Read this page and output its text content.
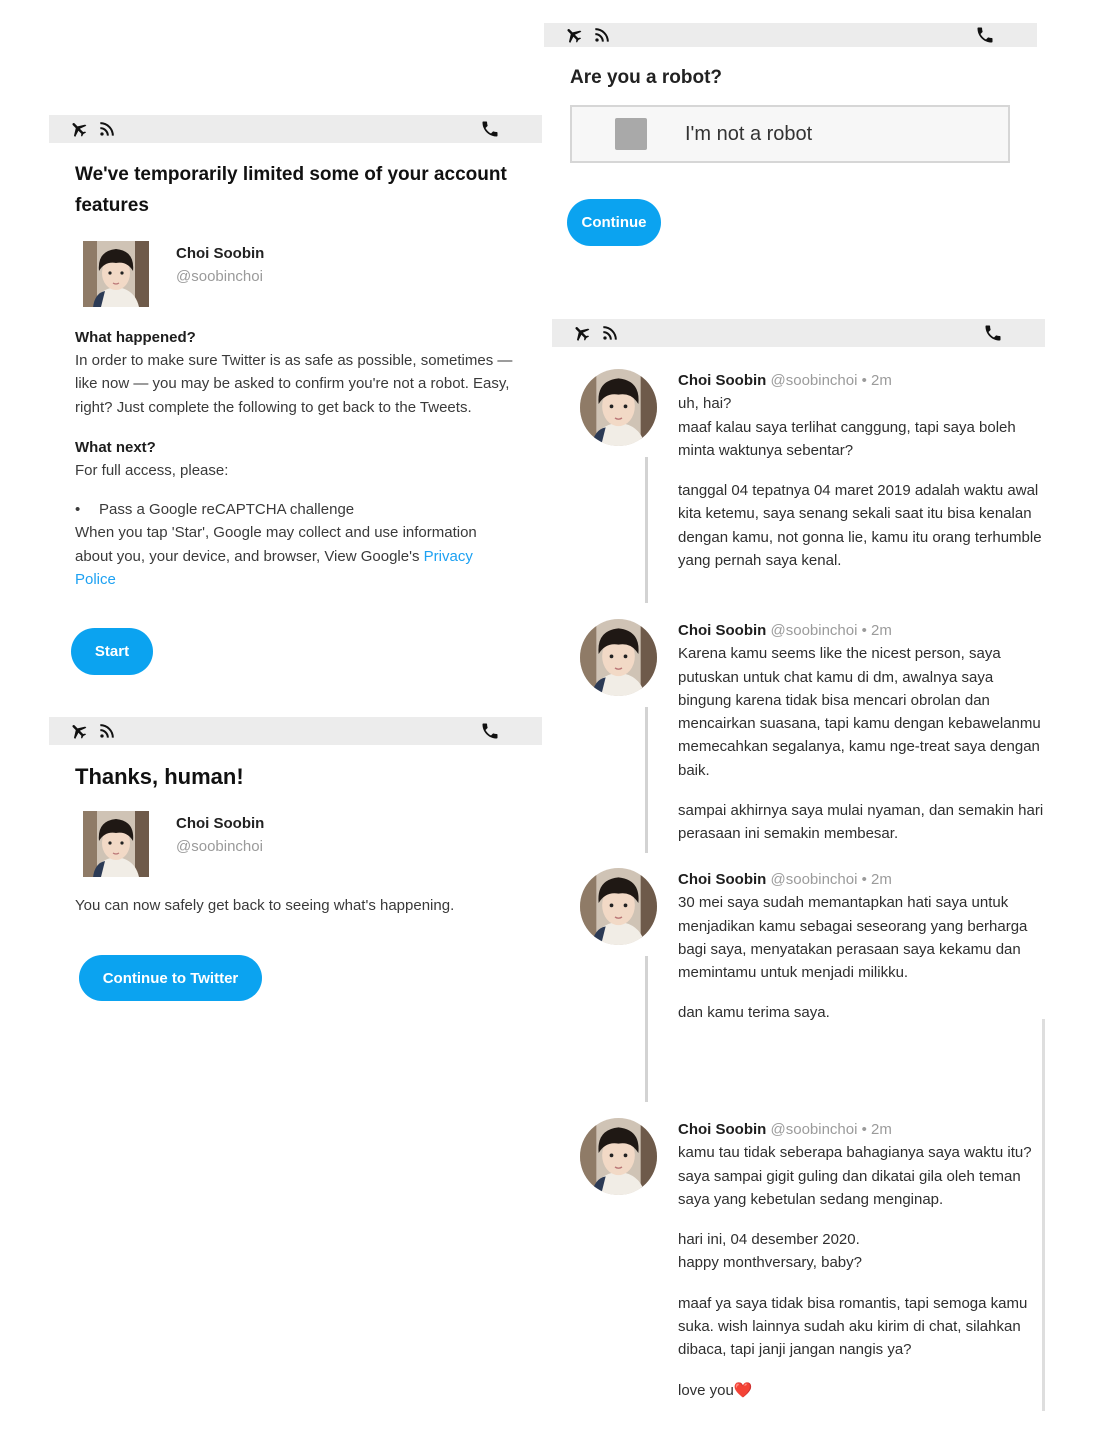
We've temporarily limited some of your account features
Choi Soobin
@soobinchoi
What happened?
In order to make sure Twitter is as safe as possible, sometimes — like now — you may be asked to confirm you're not a robot. Easy, right? Just complete the following to get back to the Tweets.
What next?
For full access, please:
•	Pass a Google reCAPTCHA challenge
When you tap 'Star', Google may collect and use information about you, your device, and browser, View Google's Privacy Police
Start
Thanks, human!
Choi Soobin
@soobinchoi
You can now safely get back to seeing what's happening.
Continue to Twitter
Are you a robot?
I'm not a robot
Continue
Choi Soobin @soobinchoi • 2m
uh, hai?
maaf kalau saya terlihat canggung, tapi saya boleh minta waktunya sebentar?
tanggal 04 tepatnya 04 maret 2019 adalah waktu awal kita ketemu, saya senang sekali saat itu bisa kenalan dengan kamu, not gonna lie, kamu itu orang terhumble yang pernah saya kenal.
Choi Soobin @soobinchoi • 2m
Karena kamu seems like the nicest person, saya putuskan untuk chat kamu di dm, awalnya saya bingung karena tidak bisa mencari obrolan dan mencairkan suasana, tapi kamu dengan kebawelanmu memecahkan segalanya, kamu nge-treat saya dengan baik.
sampai akhirnya saya mulai nyaman, dan semakin hari perasaan ini semakin membesar.
Choi Soobin @soobinchoi • 2m
30 mei saya sudah memantapkan hati saya untuk menjadikan kamu sebagai seseorang yang berharga bagi saya, menyatakan perasaan saya kekamu dan memintamu untuk menjadi milikku.
dan kamu terima saya.
Choi Soobin @soobinchoi • 2m
kamu tau tidak seberapa bahagianya saya waktu itu? saya sampai gigit guling dan dikatai gila oleh teman saya yang kebetulan sedang menginap.
hari ini, 04 desember 2020.
happy monthversary, baby?
maaf ya saya tidak bisa romantis, tapi semoga kamu suka. wish lainnya sudah aku kirim di chat, silahkan dibaca, tapi janji jangan nangis ya?
love you❤️
